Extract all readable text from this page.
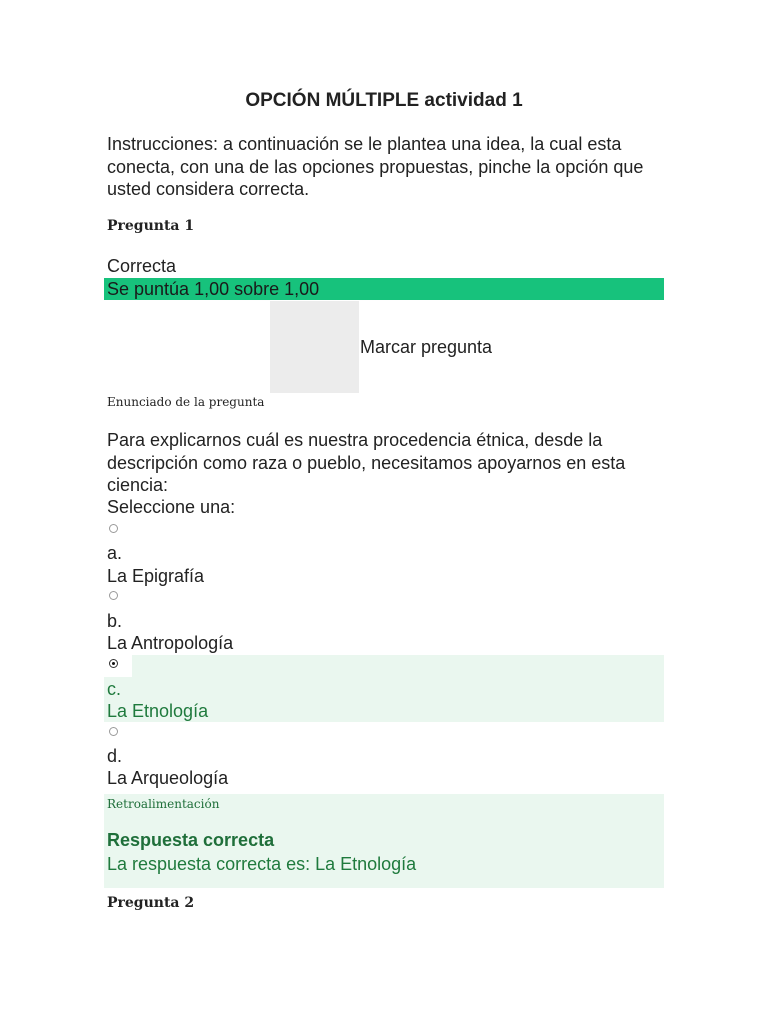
OPCIÓN MÚLTIPLE actividad 1
Instrucciones: a continuación se le plantea una idea, la cual esta conecta, con una de las opciones propuestas, pinche la opción que usted considera correcta.
Pregunta 1
Correcta
Se puntúa 1,00 sobre 1,00
Marcar pregunta
Enunciado de la pregunta
Para explicarnos cuál es nuestra procedencia étnica, desde la descripción como raza o pueblo, necesitamos apoyarnos en esta ciencia:
Seleccione una:
a.
La Epigrafía
b.
La Antropología
c.
La Etnología
d.
La Arqueología
Retroalimentación
Respuesta correcta
La respuesta correcta es: La Etnología
Pregunta 2
